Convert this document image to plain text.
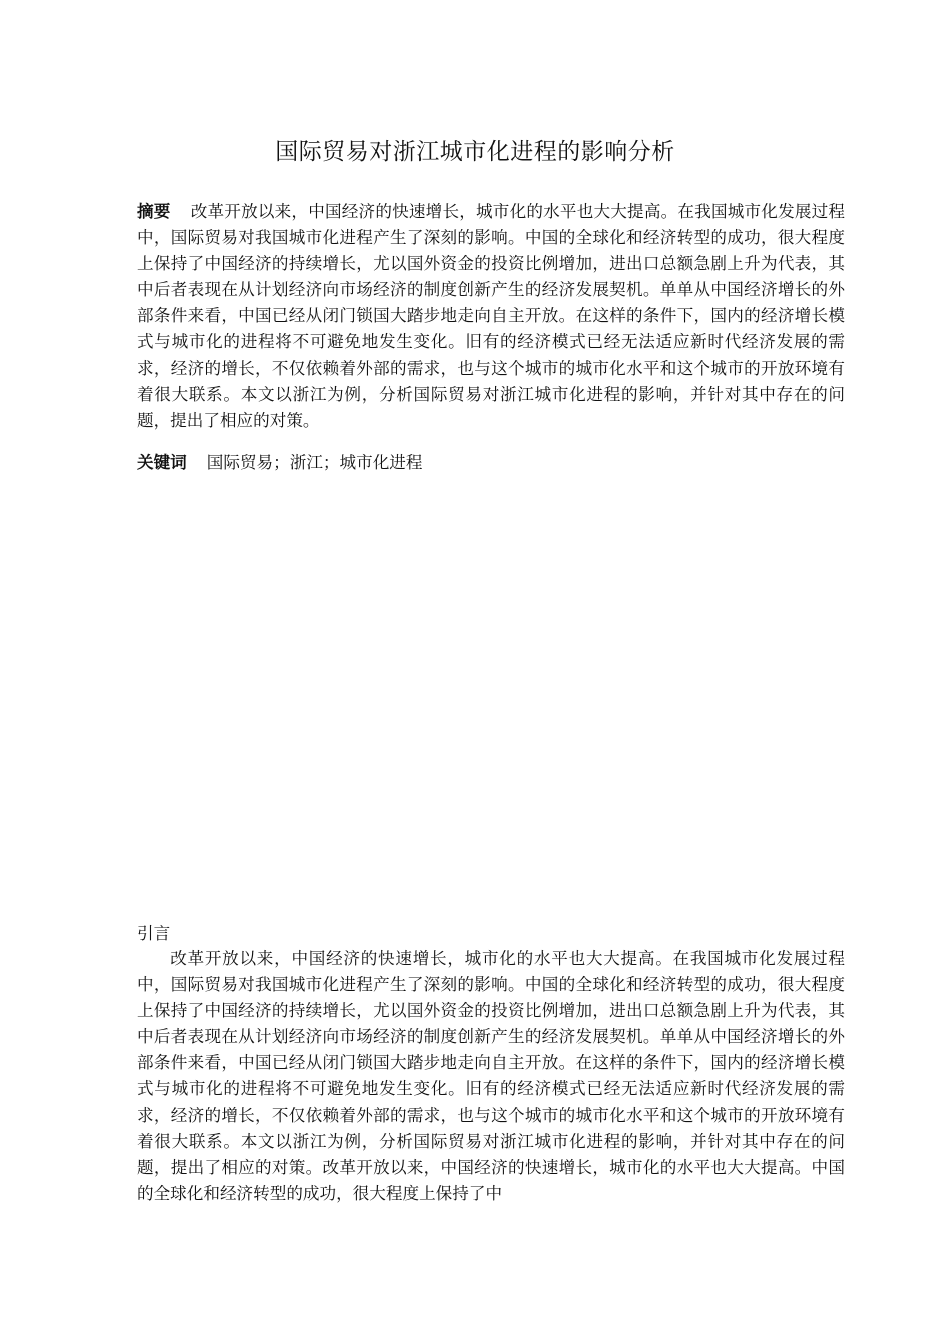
国际贸易对浙江城市化进程的影响分析
摘要 改革开放以来，中国经济的快速增长，城市化的水平也大大提高。在我国城市化发展过程中，国际贸易对我国城市化进程产生了深刻的影响。中国的全球化和经济转型的成功，很大程度上保持了中国经济的持续增长，尤以国外资金的投资比例增加，进出口总额急剧上升为代表，其中后者表现在从计划经济向市场经济的制度创新产生的经济发展契机。单单从中国经济增长的外部条件来看，中国已经从闭门锁国大踏步地走向自主开放。在这样的条件下，国内的经济增长模式与城市化的进程将不可避免地发生变化。旧有的经济模式已经无法适应新时代经济发展的需求，经济的增长，不仅依赖着外部的需求，也与这个城市的城市化水平和这个城市的开放环境有着很大联系。本文以浙江为例，分析国际贸易对浙江城市化进程的影响，并针对其中存在的问题，提出了相应的对策。
关键词 国际贸易；浙江；城市化进程
引言
改革开放以来，中国经济的快速增长，城市化的水平也大大提高。在我国城市化发展过程中，国际贸易对我国城市化进程产生了深刻的影响。中国的全球化和经济转型的成功，很大程度上保持了中国经济的持续增长，尤以国外资金的投资比例增加，进出口总额急剧上升为代表，其中后者表现在从计划经济向市场经济的制度创新产生的经济发展契机。单单从中国经济增长的外部条件来看，中国已经从闭门锁国大踏步地走向自主开放。在这样的条件下，国内的经济增长模式与城市化的进程将不可避免地发生变化。旧有的经济模式已经无法适应新时代经济发展的需求，经济的增长，不仅依赖着外部的需求，也与这个城市的城市化水平和这个城市的开放环境有着很大联系。本文以浙江为例，分析国际贸易对浙江城市化进程的影响，并针对其中存在的问题，提出了相应的对策。改革开放以来，中国经济的快速增长，城市化的水平也大大提高。中国的全球化和经济转型的成功，很大程度上保持了中
